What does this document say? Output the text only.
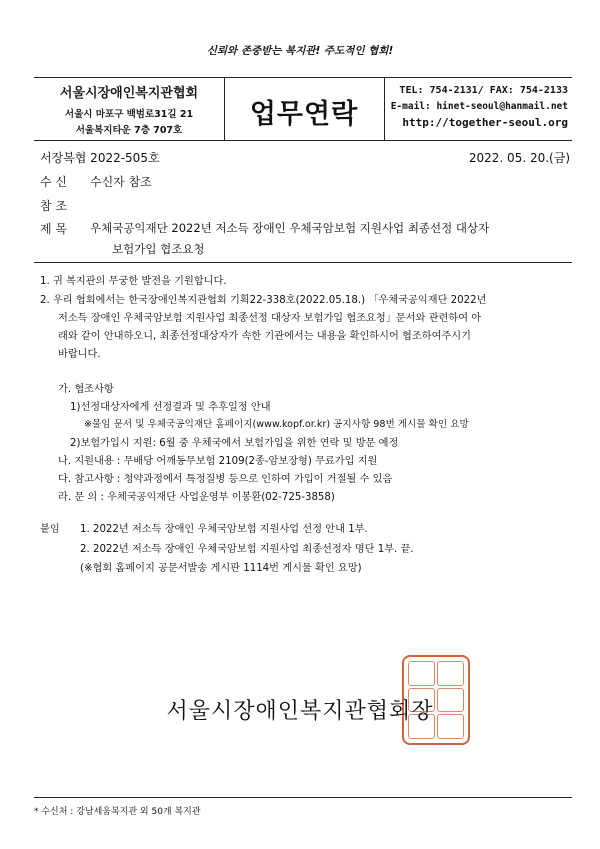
신뢰와 존중받는 복지관! 주도적인 협회!
서울시장애인복지관협회
서울시 마포구 백범로31길 21
서울복지타운 7층 707호
업무연락
TEL: 754-2131/ FAX: 754-2133
E-mail: hinet-seoul@hanmail.net
http://together-seoul.org
서장복협 2022-505호	2022. 05. 20.(금)
수 신 수신자 참조
참 조
제 목 우체국공익재단 2022년 저소득 장애인 우체국암보험 지원사업 최종선정 대상자
보험가입 협조요청
1. 귀 복지관의 무궁한 발전을 기원합니다.
2. 우리 협회에서는 한국장애인복지관협회 기획22-338호(2022.05.18.) 「우체국공익재단 2022년
저소득 장애인 우체국암보험 지원사업 최종선정 대상자 보험가입 협조요청」문서와 관련하여 아
래와 같이 안내하오니, 최종선정대상자가 속한 기관에서는 내용을 확인하시어 협조하여주시기
바랍니다.
가. 협조사항
1)선정대상자에게 선정결과 및 추후일정 안내
※물임 문서 및 우체국공익재단 홈페이지(www.kopf.or.kr) 공지사항 98번 게시물 확인 요망
2)보험가입시 지원: 6월 중 우체국에서 보험가입을 위한 연락 및 방문 예정
나. 지원내용 : 무배당 어깨동무보험 2109(2종-암보장형) 무료가입 지원
다. 참고사항 : 청약과정에서 특정질병 등으로 인하여 가입이 거절될 수 있음
라. 문 의 : 우체국공익재단 사업운영부 이봉환(02-725-3858)
붙임 1. 2022년 저소득 장애인 우체국암보험 지원사업 선정 안내 1부.
2. 2022년 저소득 장애인 우체국암보험 지원사업 최종선정자 명단 1부. 끝.
(※협회 홈페이지 공문서발송 게시판 1114번 게시물 확인 요망)
서울시장애인복지관협회장
* 수신처 : 강남세움복지관 외 50개 복지관
